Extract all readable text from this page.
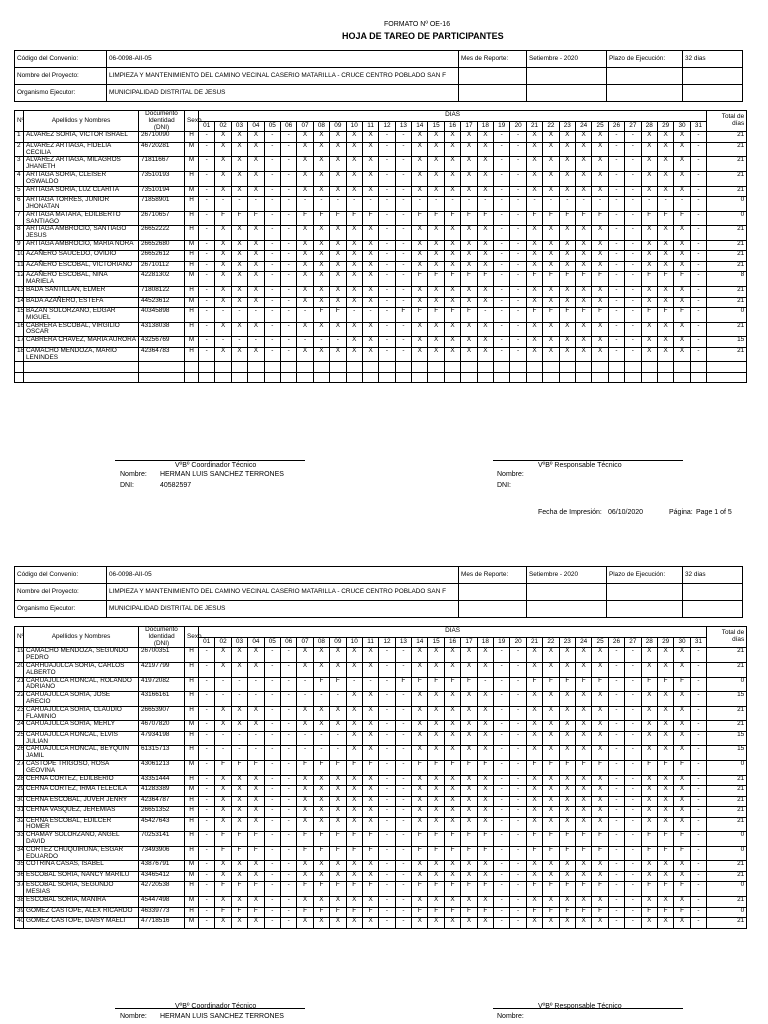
FORMATO Nº OE-16
HOJA DE TAREO DE PARTICIPANTES
Código del Convenio:	06-0098-AII-05	Mes de Reporte:	Setiembre - 2020	Plazo de Ejecución:	32 dias
Nombre del Proyecto:	LIMPIEZA Y MANTENIMIENTO DEL CAMINO VECINAL CASERIO MATARILLA - CRUCE CENTRO POBLADO SAN F				
Organismo Ejecutor:	MUNICIPALIDAD DISTRITAL DE JESUS				
Nº	Apellidos y Nombres	Documento Identidad (DNI)	Sexo	DIAS																															Total de días
				01	02	03	04	05	06	07	08	09	10	11	12	13	14	15	16	17	18	19	20	21	22	23	24	25	26	27	28	29	30	31	
1	ALVAREZ SORIA, VICTOR ISRAEL	26710090	H	-	X	X	X	-	-	X	X	X	X	X	-	-	X	X	X	X	X	-	-	X	X	X	X	X	-	-	X	X	X	-	21
2	ALVAREZ ARTIAGA, FIDELIA CECILIA	46720281	M	-	X	X	X	-	-	X	X	X	X	X	-	-	X	X	X	X	X	-	-	X	X	X	X	X	-	-	X	X	X	-	21
3	ALVAREZ ARTIAGA, MILAGROS JHANETH	71811667	M	-	X	X	X	-	-	X	X	X	X	X	-	-	X	X	X	X	X	-	-	X	X	X	X	X	-	-	X	X	X	-	21
4	ARTIAGA SORIA, CLEISER OSWALDO	73510193	H	-	X	X	X	-	-	X	X	X	X	X	-	-	X	X	X	X	X	-	-	X	X	X	X	X	-	-	X	X	X	-	21
5	ARTIAGA SORIA, LUZ CLARITA	73510194	M	-	X	X	X	-	-	X	X	X	X	X	-	-	X	X	X	X	X	-	-	X	X	X	X	X	-	-	X	X	X	-	21
6	ARTIAGA TORRES, JUNIOR JHONATAN	71858901	H	-	-	-	-	-	-	-	-	-	-	-	-	-	-	-	-	-	-	-	-	-	-	-	-	-	-	-	-	-	-	-	0
7	ARTIAGA MATARA, EDILBERTO SANTIAGO	26710657	H	-	F	F	F	-	-	F	F	F	F	F	-	-	F	F	F	F	F	-	-	F	F	F	F	F	-	-	F	F	F	-	0
8	ARTIAGA AMBROCIO, SANTIAGO JESUS	26652222	H	-	X	X	X	-	-	X	X	X	X	X	-	-	X	X	X	X	X	-	-	X	X	X	X	X	-	-	X	X	X	-	21
9	ARTIAGA AMBROCIO, MARIA NORA	26652680	M	-	X	X	X	-	-	X	X	X	X	X	-	-	X	X	X	X	X	-	-	X	X	X	X	X	-	-	X	X	X	-	21
10	AZAÑERO SAUCEDO, OVIDIO	26652612	H	-	X	X	X	-	-	X	X	X	X	X	-	-	X	X	X	X	X	-	-	X	X	X	X	X	-	-	X	X	X	-	21
11	AZAÑERO ESCOBAL, VICTORIANO	26710112	H	-	X	X	X	-	-	X	X	X	X	X	-	-	X	X	X	X	X	-	-	X	X	X	X	X	-	-	X	X	X	-	21
12	AZAÑERO ESCOBAL, NINA MARIELA	42281302	M	-	X	X	X	-	-	X	X	X	X	X	-	-	F	F	F	F	F	-	-	F	F	F	F	F	-	-	F	F	F	-	8
13	BADA SANTILLAN, ELMER	71808122	H	-	X	X	X	-	-	X	X	X	X	X	-	-	X	X	X	X	X	-	-	X	X	X	X	X	-	-	X	X	X	-	21
14	BADA AZAÑERO, ESTEFA	44523612	M	-	X	X	X	-	-	X	X	X	X	X	-	-	X	X	X	X	X	-	-	X	X	X	X	X	-	-	X	X	X	-	21
15	BAZAN SOLORZANO, EDGAR MIGUEL	40345898	H	-	-	-	-	-	-	-	F	F	-	-	-	F	F	F	F	F	-	-	-	F	F	F	F	F	-	-	F	F	F	-	0
16	CABRERA ESCOBAL, VIRGILIO OSCAR	43138038	H	-	X	X	X	-	-	X	X	X	X	X	-	-	X	X	X	X	X	-	-	X	X	X	X	X	-	-	X	X	X	-	21
17	CABRERA CHAVEZ, MARIA AURORA	43256769	M	-	-	-	-	-	-	-	-	-	X	X	-	-	X	X	X	X	X	-	-	X	X	X	X	X	-	-	X	X	X	-	15
18	CAMACHO MENDOZA, MARIO LENINDES	42364783	H	-	X	X	X	-	-	X	X	X	X	X	-	-	X	X	X	X	X	-	-	X	X	X	X	X	-	-	X	X	X	-	21

VºBº Coordinador Técnico
Nombre: HERMAN LUIS SANCHEZ TERRONES
DNI:	40582597
VºBº Responsable Técnico
Nombre:
DNI:
Fecha de Impresión: 06/10/2020	Página: Page 1 of 5
Código del Convenio:	06-0098-AII-05	Mes de Reporte:	Setiembre - 2020	Plazo de Ejecución:	32 dias
Nombre del Proyecto:	LIMPIEZA Y MANTENIMIENTO DEL CAMINO VECINAL CASERIO MATARILLA - CRUCE CENTRO POBLADO SAN F				
Organismo Ejecutor:	MUNICIPALIDAD DISTRITAL DE JESUS				
Nº	Apellidos y Nombres	Documento Identidad (DNI)	Sexo	DIAS																															Total de días
				01	02	03	04	05	06	07	08	09	10	11	12	13	14	15	16	17	18	19	20	21	22	23	24	25	26	27	28	29	30	31	
19	CAMACHO MENDOZA, SEGUNDO PEDRO	26700351	H	-	X	X	X	-	-	X	X	X	X	X	-	-	X	X	X	X	X	-	-	X	X	X	X	X	-	-	X	X	X	-	21
20	CARHUAJULCA SORIA, CARLOS ALBERTO	42197799	H	-	X	X	X	-	-	X	X	X	X	X	-	-	X	X	X	X	X	-	-	X	X	X	X	X	-	-	X	X	X	-	21
21	CARUAJULCA RONCAL, ROLANDO ADRIANO	41972082	H	-	-	-	-	-	-	-	F	F	-	-	-	F	F	F	F	F	-	-	-	F	F	F	F	F	-	-	F	F	F	-	0
22	CARUAJULCA SORIA, JOSE ARECIO	43166161	H	-	-	-	-	-	-	-	-	-	X	X	-	-	X	X	X	X	X	-	-	X	X	X	X	X	-	-	X	X	X	-	15
23	CARUAJULCA SORIA, CLAUDIO FLAMINIO	26653907	H	-	X	X	X	-	-	X	X	X	X	X	-	-	X	X	X	X	X	-	-	X	X	X	X	X	-	-	X	X	X	-	21
24	CARUAJULCA SORIA, MERLY	46707820	M	-	X	X	X	-	-	X	X	X	X	X	-	-	X	X	X	X	X	-	-	X	X	X	X	X	-	-	X	X	X	-	21
25	CARUAJULCA RONCAL, ELVIS JULIAN	47934198	H	-	-	-	-	-	-	-	-	-	X	X	-	-	X	X	X	X	X	-	-	X	X	X	X	X	-	-	X	X	X	-	15
26	CARUAJULCA RONCAL, BEYQUIN JAMIL	61315713	H	-	-	-	-	-	-	-	-	-	X	X	-	-	X	X	X	X	X	-	-	X	X	X	X	X	-	-	X	X	X	-	15
27	CASTOPE TRIGOSO, ROSA GEOVINA	43061213	M	-	F	F	F	-	-	F	F	F	F	F	-	-	F	F	F	F	F	-	-	F	F	F	F	F	-	-	F	F	F	-	0
28	CERNA CORTEZ, EDILBERIO	43351444	H	-	X	X	X	-	-	X	X	X	X	X	-	-	X	X	X	X	X	-	-	X	X	X	X	X	-	-	X	X	X	-	21
29	CERNA CORTEZ, IRMA TELECILA	41283389	M	-	X	X	X	-	-	X	X	X	X	X	-	-	X	X	X	X	X	-	-	X	X	X	X	X	-	-	X	X	X	-	21
30	CERNA ESCOBAL, JUVER JENRY	42364787	H	-	X	X	X	-	-	X	X	X	X	X	-	-	X	X	X	X	X	-	-	X	X	X	X	X	-	-	X	X	X	-	21
31	CERNA VASQUEZ, JEREMIAS	26651352	H	-	X	X	X	-	-	X	X	X	X	X	-	-	X	X	X	X	X	-	-	X	X	X	X	X	-	-	X	X	X	-	21
32	CERNA ESCOBAL, EDILCER HOMER	45427643	H	-	X	X	X	-	-	X	X	X	X	X	-	-	X	X	X	X	X	-	-	X	X	X	X	X	-	-	X	X	X	-	21
33	CHAMAY SOLORZANO, ANGEL DAVID	70253141	H	-	F	F	F	-	-	F	F	F	F	F	-	-	F	F	F	F	F	-	-	F	F	F	F	F	-	-	F	F	F	-	0
34	CORTEZ CHUQUIRUNA, ESGAR EDUARDO	73493906	H	-	F	F	F	-	-	F	F	F	F	F	-	-	F	F	F	F	F	-	-	F	F	F	F	F	-	-	F	F	F	-	0
35	COTRINA CASAS, ISABEL	43876791	M	-	X	X	X	-	-	X	X	X	X	X	-	-	X	X	X	X	X	-	-	X	X	X	X	X	-	-	X	X	X	-	21
36	ESCOBAL SORIA, NANCY MARILU	43465412	M	-	X	X	X	-	-	X	X	X	X	X	-	-	X	X	X	X	X	-	-	X	X	X	X	X	-	-	X	X	X	-	21
37	ESCOBAL SORIA, SEGUNDO MESIAS	42720538	H	-	F	F	F	-	-	F	F	F	F	F	-	-	F	F	F	F	F	-	-	F	F	F	F	F	-	-	F	F	F	-	0
38	ESCOBAL SORIA, MANIRA	45447498	M	-	X	X	X	-	-	X	X	X	X	X	-	-	X	X	X	X	X	-	-	X	X	X	X	X	-	-	X	X	X	-	21
39	GOMEZ CASTOPE, ALEX RICARDO	46339773	H	-	F	F	F	-	-	F	F	F	F	F	-	-	F	F	F	F	F	-	-	F	F	F	F	F	-	-	F	F	F	-	0
40	GOMEZ CASTOPE, DAISY MAELI	47718516	M	-	X	X	X	-	-	X	X	X	X	X	-	-	X	X	X	X	X	-	-	X	X	X	X	X	-	-	X	X	X	-	21
VºBº Coordinador Técnico
Nombre: HERMAN LUIS SANCHEZ TERRONES
VºBº Responsable Técnico
Nombre:
